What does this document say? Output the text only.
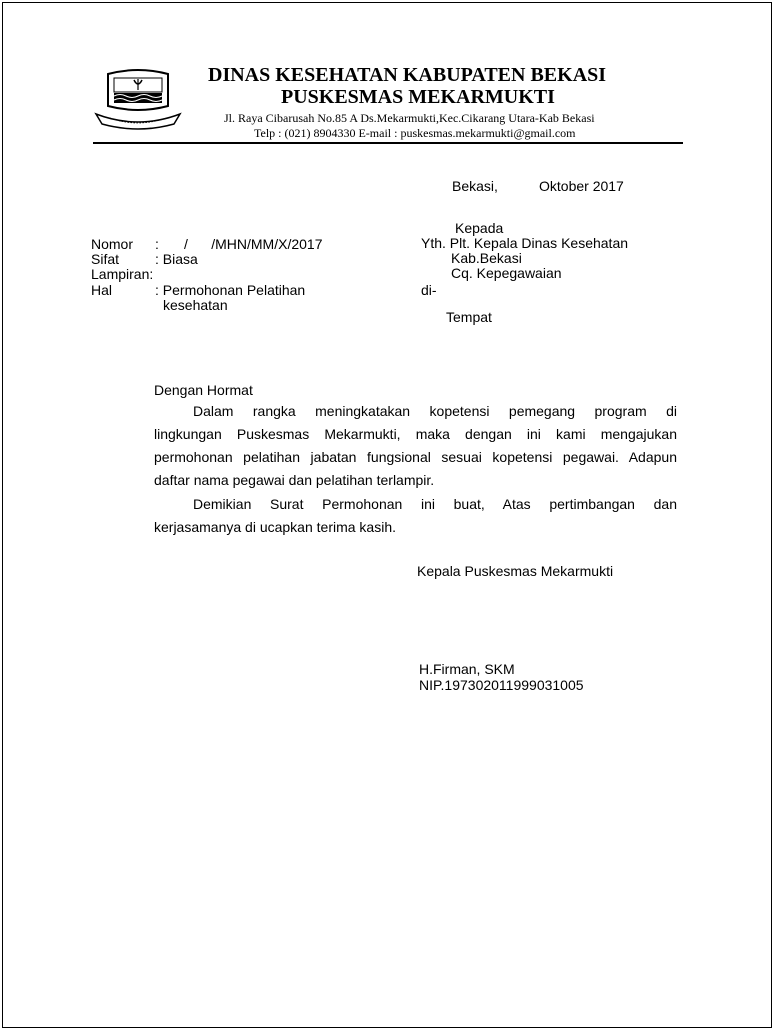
DINAS KESEHATAN KABUPATEN BEKASI
PUSKESMAS MEKARMUKTI
Jl. Raya Cibarusah No.85 A Ds.Mekarmukti,Kec.Cikarang Utara-Kab Bekasi
Telp : (021) 8904330 E-mail : puskesmas.mekarmukti@gmail.com
Bekasi,	Oktober 2017
Nomor : /      /MHN/MM/X/2017
Sifat	: Biasa
Lampiran:
Hal	: Permohonan Pelatihan
kesehatan
Kepada
Yth. Plt. Kepala Dinas Kesehatan
Kab.Bekasi
Cq. Kepegawaian
di-
Tempat
Dengan Hormat
Dalam rangka meningkatakan kopetensi pemegang program di
lingkungan Puskesmas Mekarmukti, maka dengan ini kami mengajukan
permohonan pelatihan jabatan fungsional sesuai kopetensi pegawai. Adapun
daftar nama pegawai dan pelatihan terlampir.
Demikian Surat Permohonan ini buat, Atas pertimbangan dan
kerjasamanya di ucapkan terima kasih.
Kepala Puskesmas Mekarmukti
H.Firman, SKM
NIP.197302011999031005
